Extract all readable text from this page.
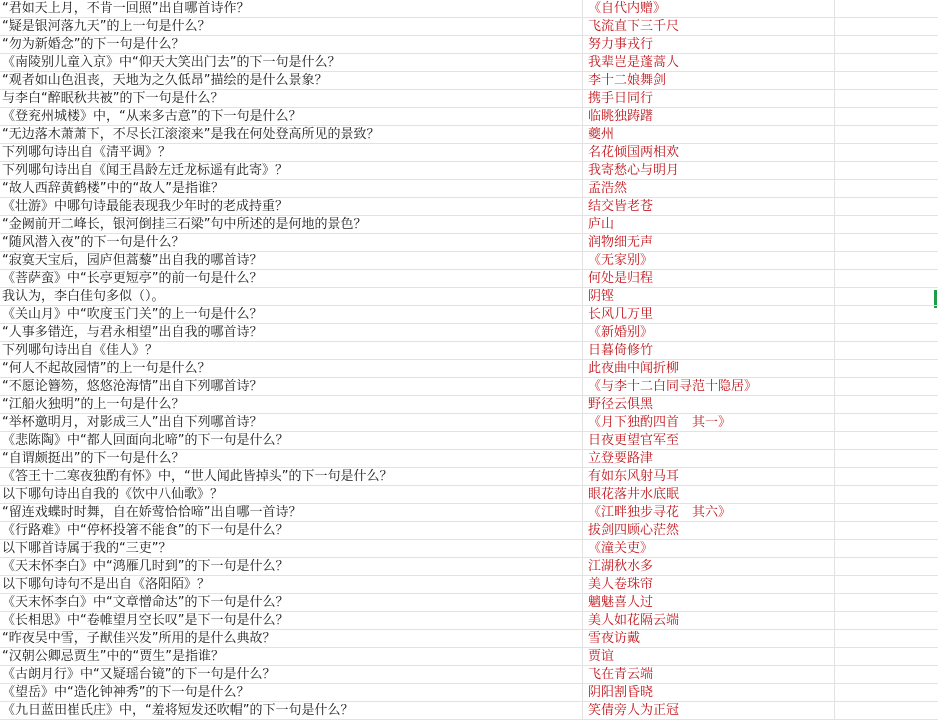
“君如天上月，不肯一回照”出自哪首诗作？	《自代内赠》
“疑是银河落九天”的上一句是什么？	飞流直下三千尺
“勿为新婚念”的下一句是什么？	努力事戎行
《南陵别儿童入京》中“仰天大笑出门去”的下一句是什么？	我辈岂是蓬蒿人
“观者如山色沮丧，天地为之久低昂”描绘的是什么景象？	李十二娘舞剑
与李白“醉眠秋共被”的下一句是什么？	携手日同行
《登兖州城楼》中，“从来多古意”的下一句是什么？	临眺独踌躇
“无边落木萧萧下，不尽长江滚滚来”是我在何处登高所见的景致？	夔州
下列哪句诗出自《清平调》？	名花倾国两相欢
下列哪句诗出自《闻王昌龄左迁龙标遥有此寄》？	我寄愁心与明月
“故人西辞黄鹤楼”中的“故人”是指谁？	孟浩然
《壮游》中哪句诗最能表现我少年时的老成持重？	结交皆老苍
“金阙前开二峰长，银河倒挂三石梁”句中所述的是何地的景色？	庐山
“随风潜入夜”的下一句是什么？	润物细无声
“寂寞天宝后，园庐但蒿藜”出自我的哪首诗？	《无家别》
《菩萨蛮》中“长亭更短亭”的前一句是什么？	何处是归程
我认为，李白佳句多似（）。	阴铿
《关山月》中“吹度玉门关”的上一句是什么？	长风几万里
“人事多错迕，与君永相望”出自我的哪首诗？	《新婚别》
下列哪句诗出自《佳人》？	日暮倚修竹
“何人不起故园情”的上一句是什么？	此夜曲中闻折柳
“不愿论簪笏，悠悠沧海情”出自下列哪首诗？	《与李十二白同寻范十隐居》
“江船火独明”的上一句是什么？	野径云俱黑
“举杯邀明月，对影成三人”出自下列哪首诗？	《月下独酌四首　其一》
《悲陈陶》中“都人回面向北啼”的下一句是什么？	日夜更望官军至
“自谓颇挺出”的下一句是什么？	立登要路津
《答王十二寒夜独酌有怀》中，“世人闻此皆掉头”的下一句是什么？	有如东风射马耳
以下哪句诗出自我的《饮中八仙歌》？	眼花落井水底眠
“留连戏蝶时时舞，自在娇莺恰恰啼”出自哪一首诗？	《江畔独步寻花　其六》
《行路难》中“停杯投箸不能食”的下一句是什么？	拔剑四顾心茫然
以下哪首诗属于我的“三吏”？	《潼关吏》
《天末怀李白》中“鸿雁几时到”的下一句是什么？	江湖秋水多
以下哪句诗句不是出自《洛阳陌》？	美人卷珠帘
《天末怀李白》中“文章憎命达”的下一句是什么？	魑魅喜人过
《长相思》中“卷帷望月空长叹”是下一句是什么？	美人如花隔云端
“昨夜吴中雪，子猷佳兴发”所用的是什么典故？	雪夜访戴
“汉朝公卿忌贾生”中的“贾生”是指谁？	贾谊
《古朗月行》中“又疑瑶台镜”的下一句是什么？	飞在青云端
《望岳》中“造化钟神秀”的下一句是什么？	阴阳割昏晓
《九日蓝田崔氏庄》中，“羞将短发还吹帽”的下一句是什么？	笑倩旁人为正冠
